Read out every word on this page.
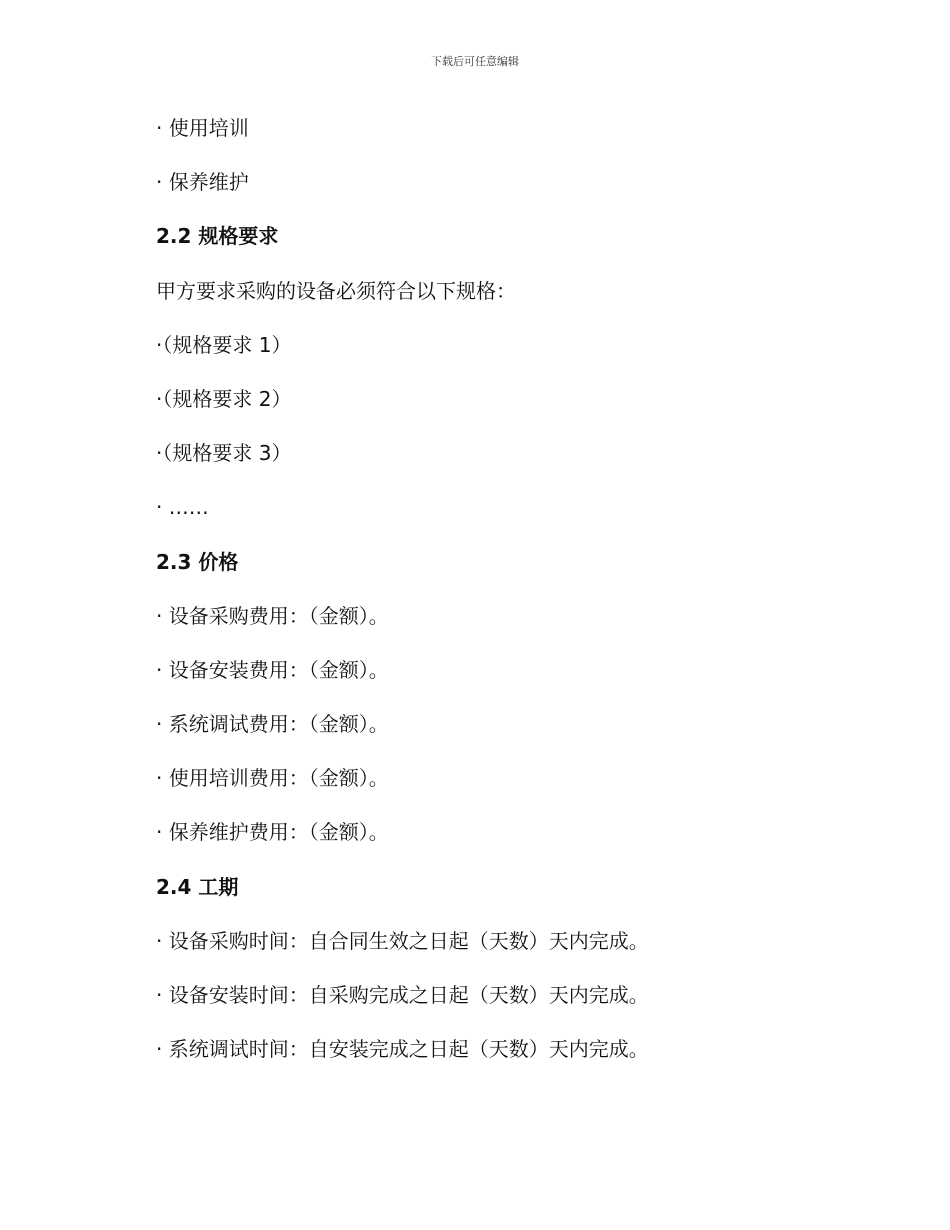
下载后可任意编辑
· 使用培训
· 保养维护
2.2 规格要求
甲方要求采购的设备必须符合以下规格：
·（规格要求 1）
·（规格要求 2）
·（规格要求 3）
· ……
2.3 价格
· 设备采购费用：（金额）。
· 设备安装费用：（金额）。
· 系统调试费用：（金额）。
· 使用培训费用：（金额）。
· 保养维护费用：（金额）。
2.4 工期
· 设备采购时间：自合同生效之日起（天数）天内完成。
· 设备安装时间：自采购完成之日起（天数）天内完成。
· 系统调试时间：自安装完成之日起（天数）天内完成。
